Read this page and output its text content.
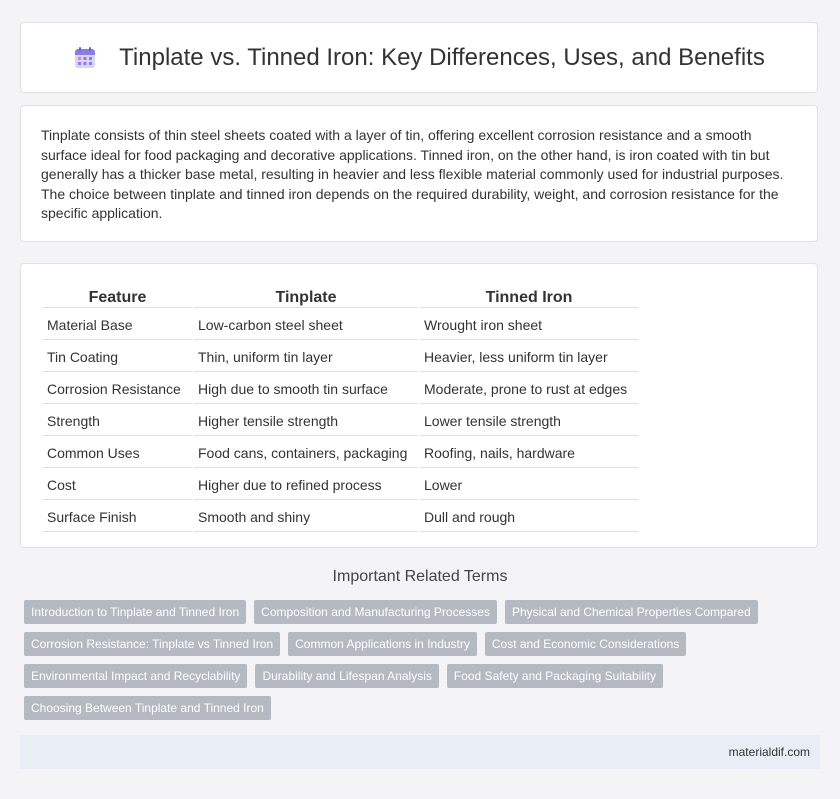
Tinplate vs. Tinned Iron: Key Differences, Uses, and Benefits

Tinplate consists of thin steel sheets coated with a layer of tin, offering excellent corrosion resistance and a smooth surface ideal for food packaging and decorative applications. Tinned iron, on the other hand, is iron coated with tin but generally has a thicker base metal, resulting in heavier and less flexible material commonly used for industrial purposes. The choice between tinplate and tinned iron depends on the required durability, weight, and corrosion resistance for the specific application.

Feature	Tinplate	Tinned Iron
Material Base	Low-carbon steel sheet	Wrought iron sheet
Tin Coating	Thin, uniform tin layer	Heavier, less uniform tin layer
Corrosion Resistance	High due to smooth tin surface	Moderate, prone to rust at edges
Strength	Higher tensile strength	Lower tensile strength
Common Uses	Food cans, containers, packaging	Roofing, nails, hardware
Cost	Higher due to refined process	Lower
Surface Finish	Smooth and shiny	Dull and rough
Important Related Terms
Introduction to Tinplate and Tinned Iron	Composition and Manufacturing Processes	Physical and Chemical Properties Compared
Corrosion Resistance: Tinplate vs Tinned Iron	Common Applications in Industry	Cost and Economic Considerations
Environmental Impact and Recyclability	Durability and Lifespan Analysis	Food Safety and Packaging Suitability
Choosing Between Tinplate and Tinned Iron
materialdif.com
